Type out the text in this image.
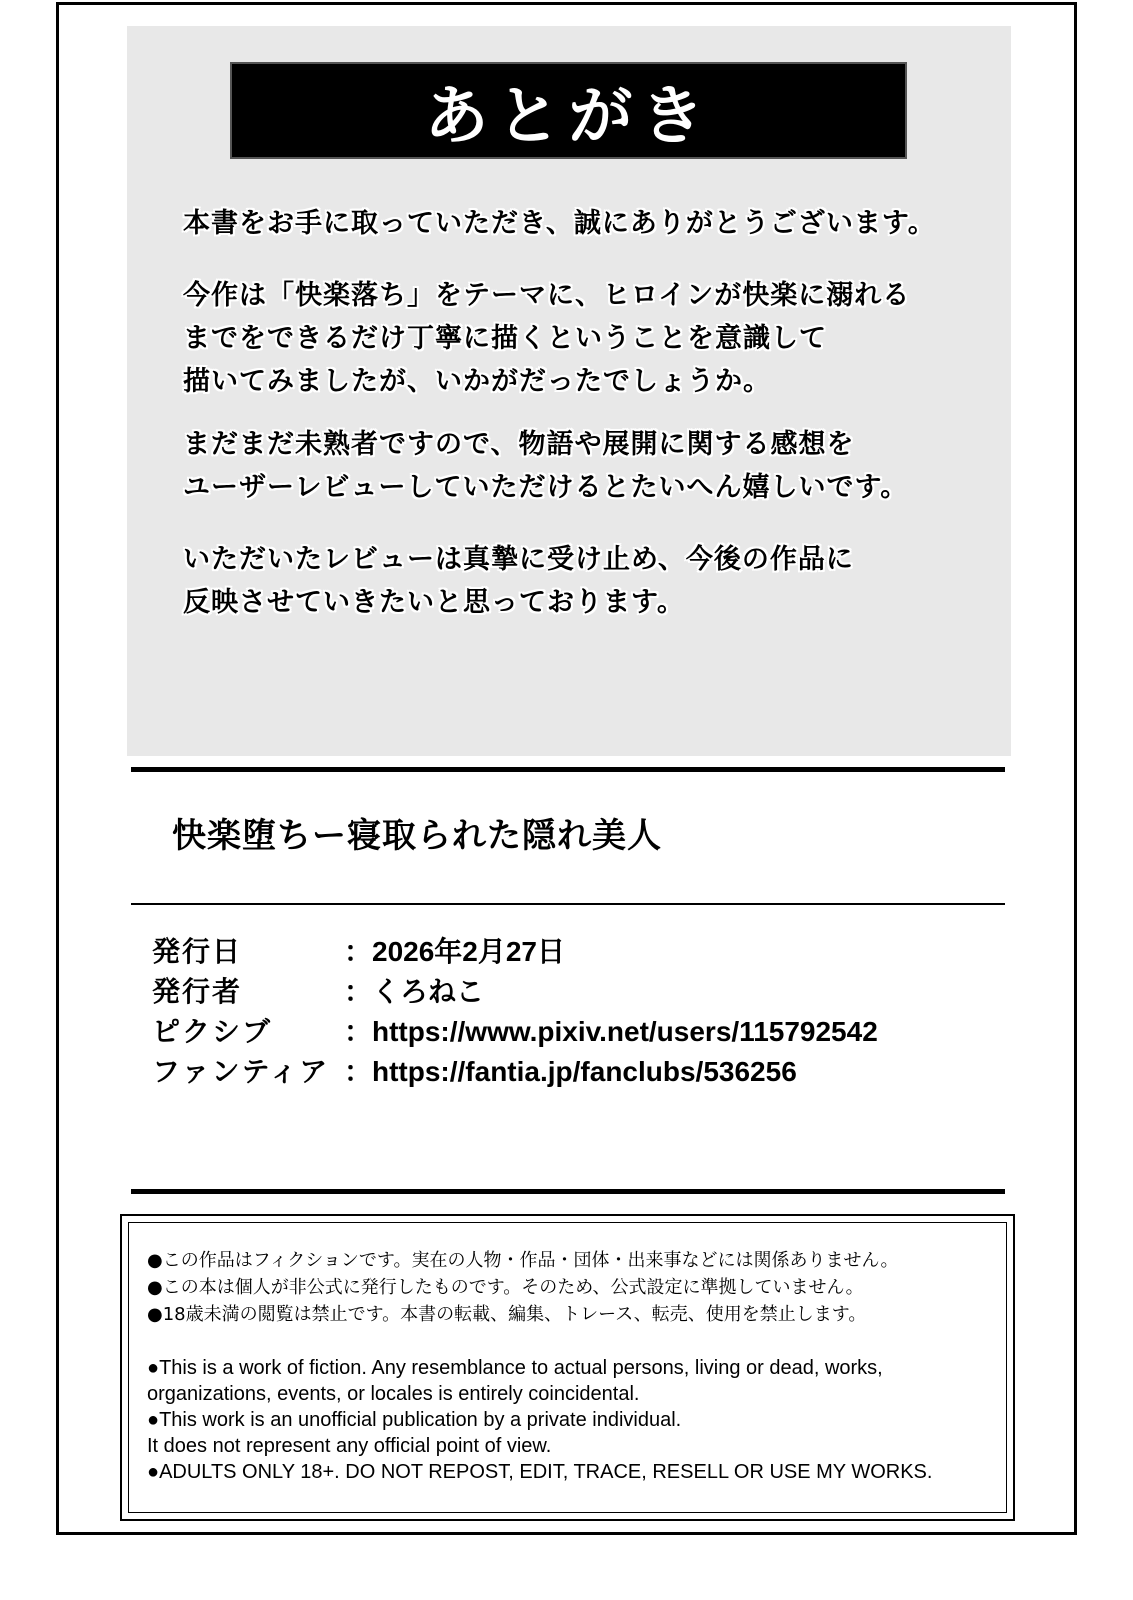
あとがき

本書をお手に取っていただき、誠にありがとうございます。

今作は「快楽落ち」をテーマに、ヒロインが快楽に溺れる
までをできるだけ丁寧に描くということを意識して
描いてみましたが、いかがだったでしょうか。

まだまだ未熟者ですので、物語や展開に関する感想を
ユーザーレビューしていただけるとたいへん嬉しいです。

いただいたレビューは真摯に受け止め、今後の作品に
反映させていきたいと思っております。

快楽堕ちー寝取られた隠れ美人
発行日	：2026年2月27日
発行者	：くろねこ
ピクシブ	：https://www.pixiv.net/users/115792542
ファンティア ：https://fantia.jp/fanclubs/536256

●この作品はフィクションです。実在の人物・作品・団体・出来事などには関係ありません。
●この本は個人が非公式に発行したものです。そのため、公式設定に準拠していません。
●18歳未満の閲覧は禁止です。本書の転載、編集、トレース、転売、使用を禁止します。

●This is a work of fiction. Any resemblance to actual persons, living or dead, works,
organizations, events, or locales is entirely coincidental.
●This work is an unofficial publication by a private individual.
It does not represent any official point of view.
●ADULTS ONLY 18+. DO NOT REPOST, EDIT, TRACE, RESELL OR USE MY WORKS.
